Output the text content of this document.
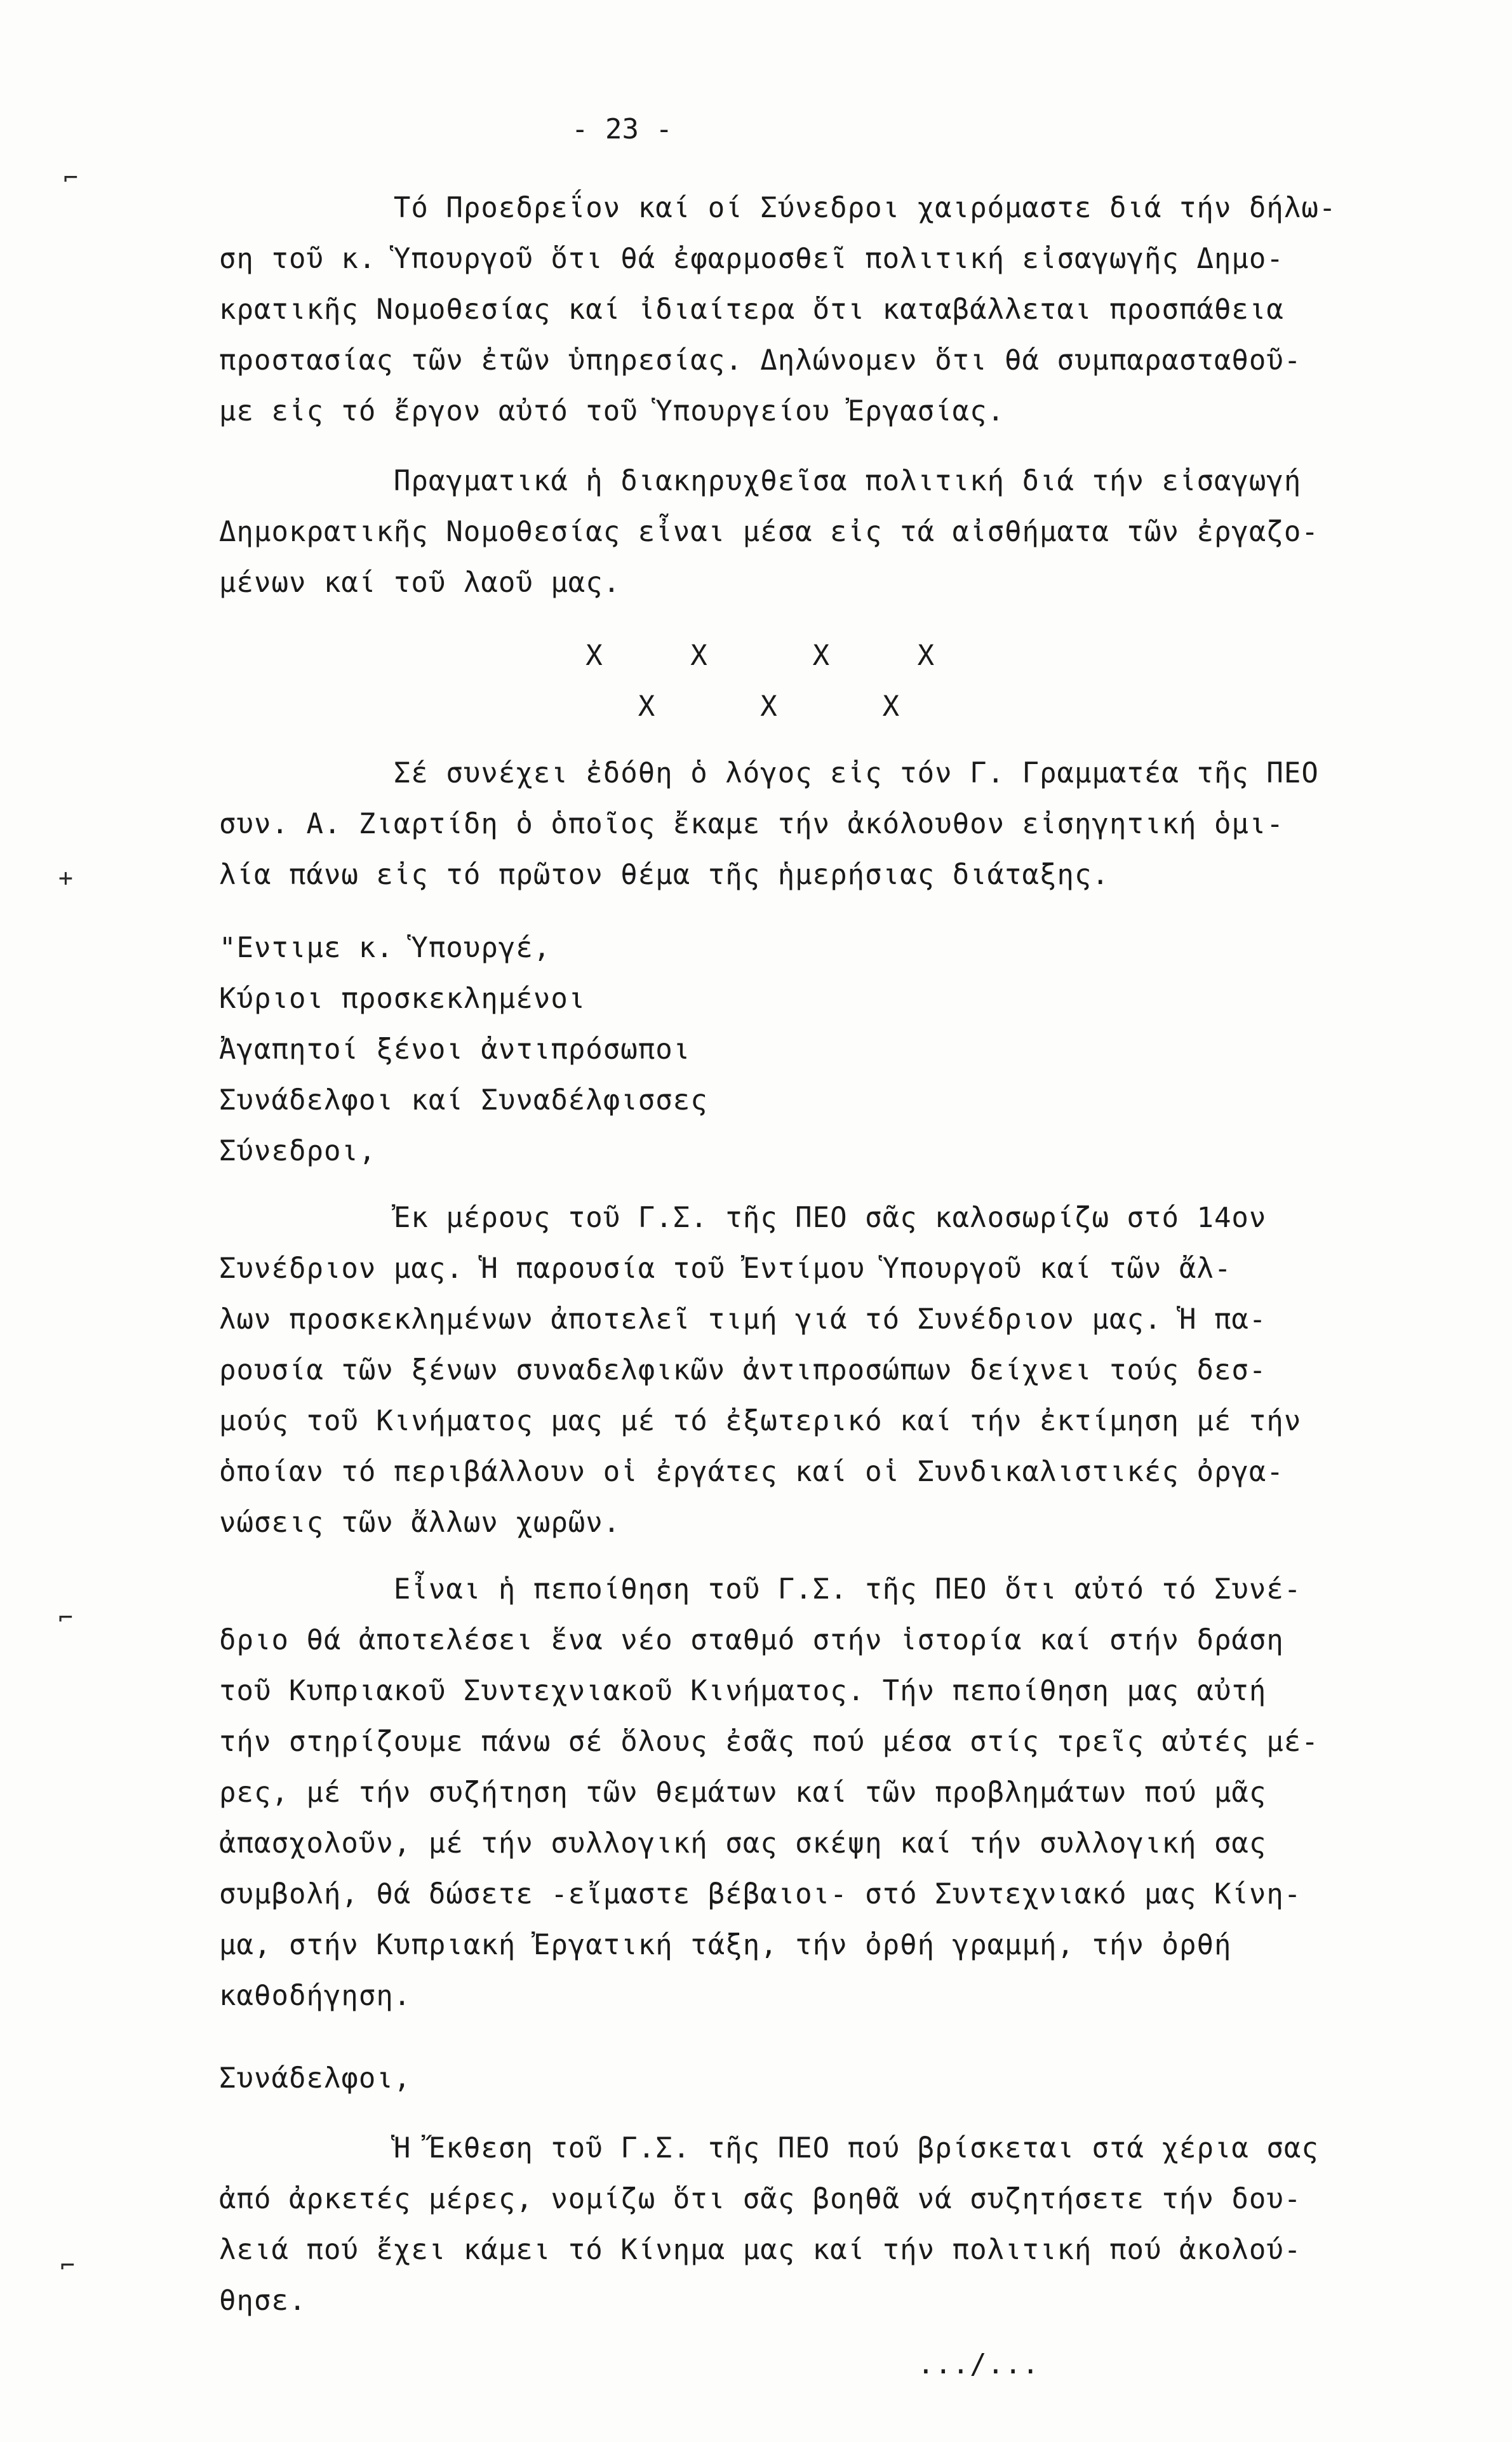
- 23 -
⌐
+
⌐
⌐
Τό Προεδρεΐον καί οί Σύνεδροι χαιρόμαστε διά τήν δήλω-
ση τοῦ κ. Ὑπουργοῦ ὅτι θά ἐφαρμοσθεῖ πολιτική εἰσαγωγῆς Δημο-
κρατικῆς Νομοθεσίας καί ἰδιαίτερα ὅτι καταβάλλεται προσπάθεια
προστασίας τῶν ἐτῶν ὑπηρεσίας. Δηλώνομεν ὅτι θά συμπαρασταθοῦ-
με εἰς τό ἔργον αὐτό τοῦ Ὑπουργείου Ἐργασίας.
Πραγματικά ἡ διακηρυχθεῖσα πολιτική διά τήν εἰσαγωγή
Δημοκρατικῆς Νομοθεσίας εἶναι μέσα εἰς τά αἰσθήματα τῶν ἐργαζο-
μένων καί τοῦ λαοῦ μας.
Χ     Χ      Χ     Χ
Χ      Χ      Χ
Σέ συνέχει ἐδόθη ὁ λόγος εἰς τόν Γ. Γραμματέα τῆς ΠΕΟ
συν. Α. Ζιαρτίδη ὁ ὁποῖος ἔκαμε τήν ἀκόλουθον εἰσηγητική ὁμι-
λία πάνω εἰς τό πρῶτον θέμα τῆς ἡμερήσιας διάταξης.
"Εντιμε κ. Ὑπουργέ,
Κύριοι προσκεκλημένοι
Ἀγαπητοί ξένοι ἀντιπρόσωποι
Συνάδελφοι καί Συναδέλφισσες
Σύνεδροι,
Ἐκ μέρους τοῦ Γ.Σ. τῆς ΠΕΟ σᾶς καλοσωρίζω στό 14ον
Συνέδριον μας. Ἡ παρουσία τοῦ Ἐντίμου Ὑπουργοῦ καί τῶν ἄλ-
λων προσκεκλημένων ἀποτελεῖ τιμή γιά τό Συνέδριον μας. Ἡ πα-
ρουσία τῶν ξένων συναδελφικῶν ἀντιπροσώπων δείχνει τούς δεσ-
μούς τοῦ Κινήματος μας μέ τό ἐξωτερικό καί τήν ἐκτίμηση μέ τήν
ὁποίαν τό περιβάλλουν οἱ ἐργάτες καί οἱ Συνδικαλιστικές ὀργα-
νώσεις τῶν ἄλλων χωρῶν.
Εἶναι ἡ πεποίθηση τοῦ Γ.Σ. τῆς ΠΕΟ ὅτι αὐτό τό Συνέ-
δριο θά ἀποτελέσει ἕνα νέο σταθμό στήν ἱστορία καί στήν δράση
τοῦ Κυπριακοῦ Συντεχνιακοῦ Κινήματος. Τήν πεποίθηση μας αὐτή
τήν στηρίζουμε πάνω σέ ὅλους ἐσᾶς πού μέσα στίς τρεῖς αὐτές μέ-
ρες, μέ τήν συζήτηση τῶν θεμάτων καί τῶν προβλημάτων πού μᾶς
ἀπασχολοῦν, μέ τήν συλλογική σας σκέψη καί τήν συλλογική σας
συμβολή, θά δώσετε -εἴμαστε βέβαιοι- στό Συντεχνιακό μας Κίνη-
μα, στήν Κυπριακή Ἐργατική τάξη, τήν ὀρθή γραμμή, τήν ὀρθή
καθοδήγηση.
Συνάδελφοι,
Ἡ Ἔκθεση τοῦ Γ.Σ. τῆς ΠΕΟ πού βρίσκεται στά χέρια σας
ἀπό ἀρκετές μέρες, νομίζω ὅτι σᾶς βοηθᾶ νά συζητήσετε τήν δου-
λειά πού ἔχει κάμει τό Κίνημα μας καί τήν πολιτική πού ἀκολού-
θησε.
.../...
